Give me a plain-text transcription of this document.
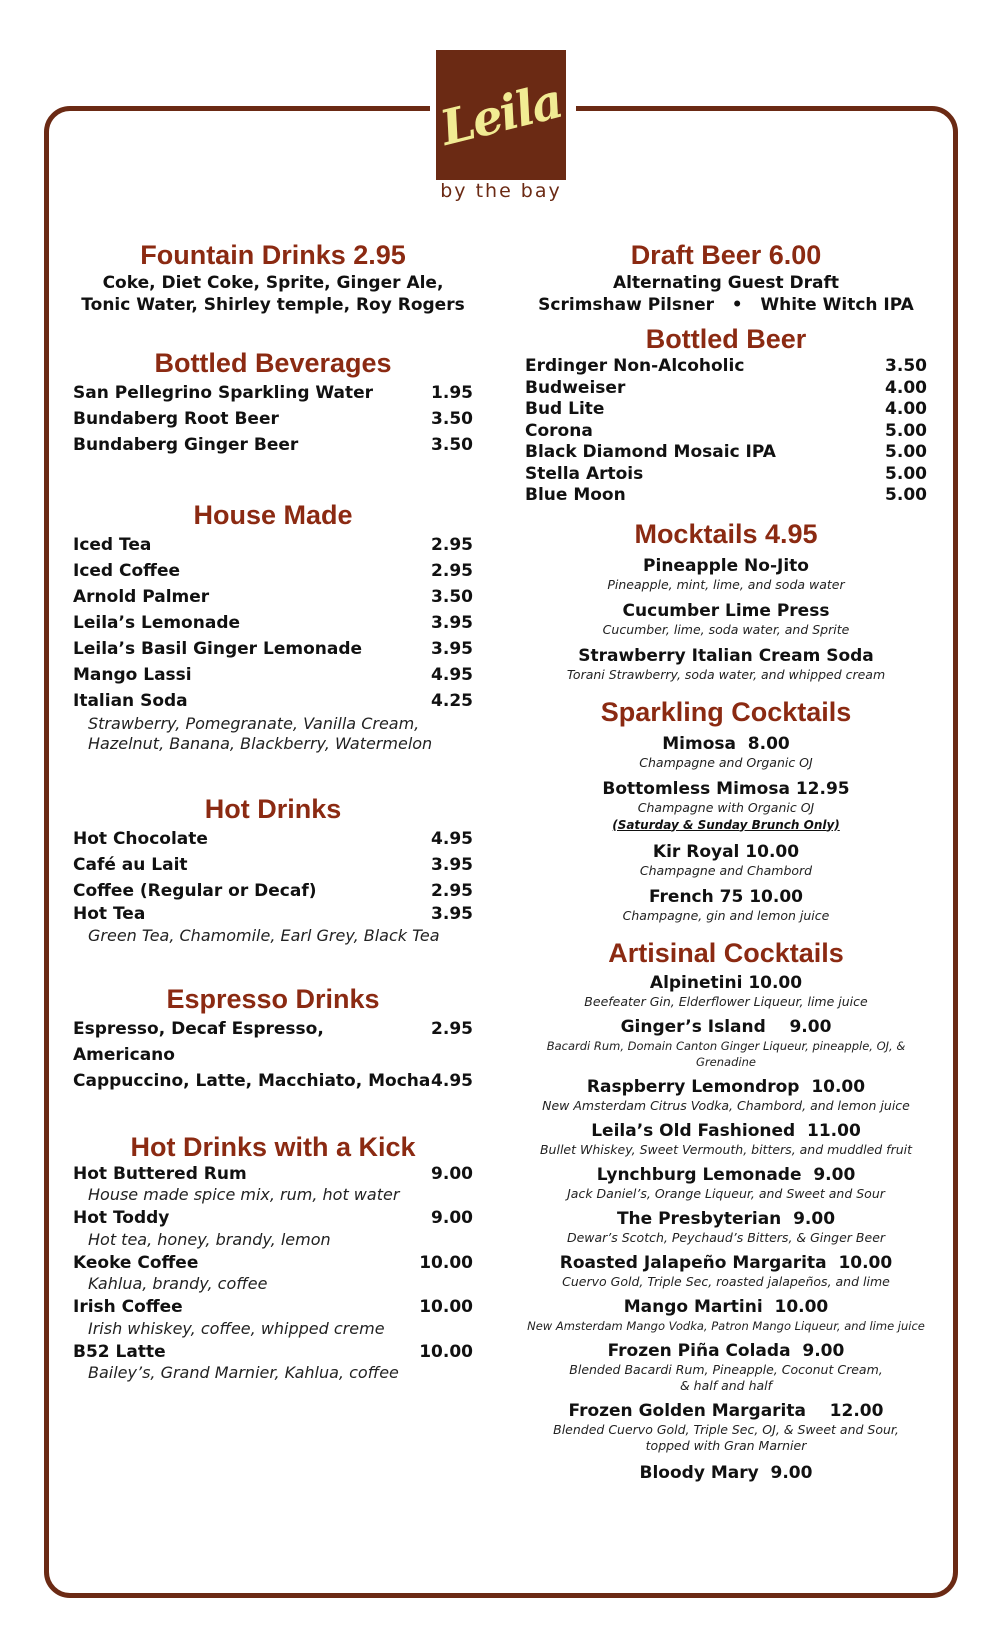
Leila
by the bay
Fountain Drinks 2.95
Coke, Diet Coke, Sprite, Ginger Ale,
Tonic Water, Shirley temple, Roy Rogers
Bottled Beverages
San Pellegrino Sparkling Water	1.95
Bundaberg Root Beer	3.50
Bundaberg Ginger Beer	3.50
House Made
Iced Tea	2.95
Iced Coffee	2.95
Arnold Palmer	3.50
Leila’s Lemonade	3.95
Leila’s Basil Ginger Lemonade	3.95
Mango Lassi	4.95
Italian Soda	4.25
Strawberry, Pomegranate, Vanilla Cream,
Hazelnut, Banana, Blackberry, Watermelon
Hot Drinks
Hot Chocolate	4.95
Café au Lait	3.95
Coffee (Regular or Decaf)	2.95
Hot Tea	3.95
Green Tea, Chamomile, Earl Grey, Black Tea
Espresso Drinks
Espresso, Decaf Espresso, Americano
2.95
Cappuccino, Latte, Macchiato, Mocha 4.95
Hot Drinks with a Kick
Hot Buttered Rum	9.00
House made spice mix, rum, hot water
Hot Toddy	9.00
Hot tea, honey, brandy, lemon
Keoke Coffee	10.00
Kahlua, brandy, coffee
Irish Coffee	10.00
Irish whiskey, coffee, whipped creme
B52 Latte	10.00
Bailey’s, Grand Marnier, Kahlua, coffee
Draft Beer 6.00
Alternating Guest Draft
Scrimshaw Pilsner   •   White Witch IPA
Bottled Beer
Erdinger Non-Alcoholic	3.50
Budweiser	4.00
Bud Lite	4.00
Corona	5.00
Black Diamond Mosaic IPA	5.00
Stella Artois	5.00
Blue Moon	5.00
Mocktails 4.95
Pineapple No-Jito
Pineapple, mint, lime, and soda water
Cucumber Lime Press
Cucumber, lime, soda water, and Sprite
Strawberry Italian Cream Soda
Torani Strawberry, soda water, and whipped cream
Sparkling Cocktails
Mimosa  8.00
Champagne and Organic OJ
Bottomless Mimosa 12.95
Champagne with Organic OJ
(Saturday & Sunday Brunch Only)
Kir Royal 10.00
Champagne and Chambord
French 75 10.00
Champagne, gin and lemon juice
Artisinal Cocktails
Alpinetini 10.00
Beefeater Gin, Elderflower Liqueur, lime juice
Ginger’s Island    9.00
Bacardi Rum, Domain Canton Ginger Liqueur, pineapple, OJ, & Grenadine
Raspberry Lemondrop  10.00
New Amsterdam Citrus Vodka, Chambord, and lemon juice
Leila’s Old Fashioned  11.00
Bullet Whiskey, Sweet Vermouth, bitters, and muddled fruit
Lynchburg Lemonade  9.00
Jack Daniel’s, Orange Liqueur, and Sweet and Sour
The Presbyterian  9.00
Dewar’s Scotch, Peychaud’s Bitters, & Ginger Beer
Roasted Jalapeño Margarita  10.00
Cuervo Gold, Triple Sec, roasted jalapeños, and lime
Mango Martini  10.00
New Amsterdam Mango Vodka, Patron Mango Liqueur, and lime juice
Frozen Piña Colada  9.00
Blended Bacardi Rum, Pineapple, Coconut Cream,
& half and half
Frozen Golden Margarita    12.00
Blended Cuervo Gold, Triple Sec, OJ, & Sweet and Sour,
topped with Gran Marnier
Bloody Mary  9.00
